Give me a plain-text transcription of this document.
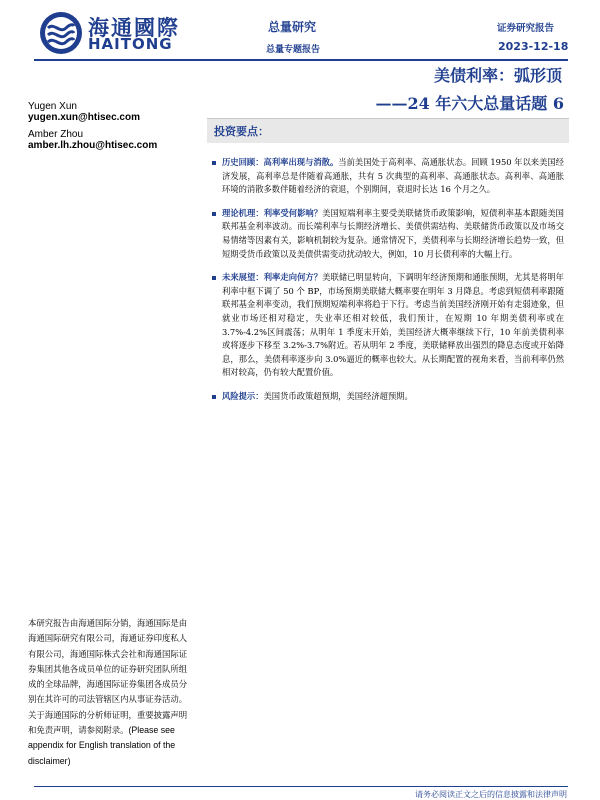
海通國際
HAITONG
总量研究
总量专题报告
证券研究报告
2023-12-18
美债利率：弧形顶
——24 年六大总量话题 6
Yugen Xun
yugen.xun@htisec.com
Amber Zhou
amber.lh.zhou@htisec.com
投资要点：
历史回顾：高利率出现与消散。当前美国处于高利率、高通胀状态。回顾 1950 年以来美国经济发展，高利率总是伴随着高通胀，共有 5 次典型的高利率、高通胀状态。高利率、高通胀环境的消散多数伴随着经济的衰退，个别期间，衰退时长达 16 个月之久。
理论机理：利率受何影响？美国短端利率主要受美联储货币政策影响，短债利率基本跟随美国联邦基金利率波动。而长端利率与长期经济增长、美债供需结构、美联储货币政策以及市场交易情绪等因素有关，影响机制较为复杂。通常情况下，美债利率与长期经济增长趋势一致，但短期受货币政策以及美债供需变动扰动较大，例如，10 月长债利率的大幅上行。
未来展望：利率走向何方？美联储已明显转向，下调明年经济预期和通胀预期，尤其是将明年利率中枢下调了 50 个 BP，市场预期美联储大概率要在明年 3 月降息。考虑到短债利率跟随联邦基金利率变动，我们预期短端利率将趋于下行。考虑当前美国经济刚开始有走弱迹象，但就业市场还相对稳定，失业率还相对较低，我们预计，在短期 10 年期美债利率或在 3.7%-4.2%区间震荡；从明年 1 季度末开始，美国经济大概率继续下行，10 年前美债利率或将逐步下移至 3.2%-3.7%附近。若从明年 2 季度，美联储释放出强烈的降息态度或开始降息，那么，美债利率逐步向 3.0%逼近的概率也较大。从长期配置的视角来看，当前利率仍然相对较高，仍有较大配置价值。
风险提示：美国货币政策超预期，美国经济超预期。
本研究报告由海通国际分销，海通国际是由海通国际研究有限公司，海通证券印度私人有限公司，海通国际株式会社和海通国际证券集团其他各成员单位的证券研究团队所组成的全球品牌，海通国际证券集团各成员分别在其许可的司法管辖区内从事证券活动。关于海通国际的分析师证明，重要披露声明和免责声明，请参阅附录。(Please see appendix for English translation of the disclaimer)
请务必阅读正文之后的信息披露和法律声明
